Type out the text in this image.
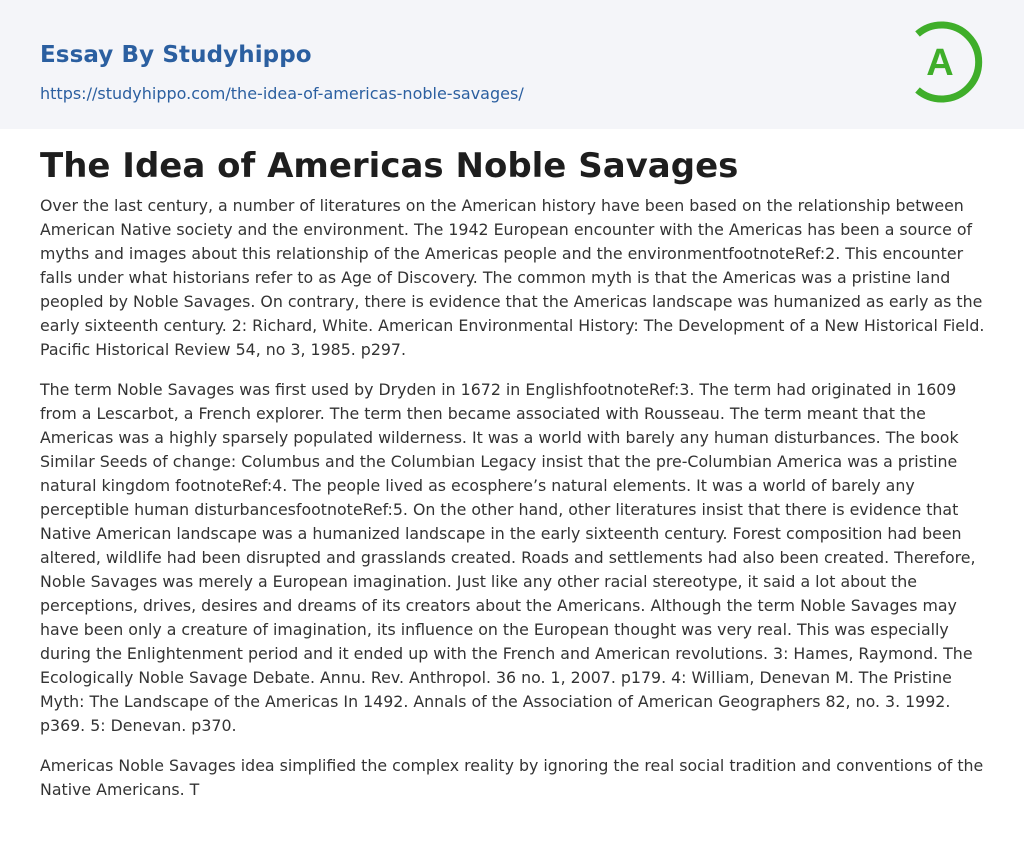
Essay By Studyhippo
https://studyhippo.com/the-idea-of-americas-noble-savages/
A
The Idea of Americas Noble Savages

Over the last century, a number of literatures on the American history have been based on the relationship between American Native society and the environment. The 1942 European encounter with the Americas has been a source of myths and images about this relationship of the Americas people and the environmentfootnoteRef:2. This encounter falls under what historians refer to as Age of Discovery. The common myth is that the Americas was a pristine land peopled by Noble Savages. On contrary, there is evidence that the Americas landscape was humanized as early as the early sixteenth century. 2: Richard, White. American Environmental History: The Development of a New Historical Field. Pacific Historical Review 54, no 3, 1985. p297.

The term Noble Savages was first used by Dryden in 1672 in EnglishfootnoteRef:3. The term had originated in 1609 from a Lescarbot, a French explorer. The term then became associated with Rousseau. The term meant that the Americas was a highly sparsely populated wilderness. It was a world with barely any human disturbances. The book Similar Seeds of change: Columbus and the Columbian Legacy insist that the pre-Columbian America was a pristine natural kingdom footnoteRef:4. The people lived as ecosphere’s natural elements. It was a world of barely any perceptible human disturbancesfootnoteRef:5. On the other hand, other literatures insist that there is evidence that Native American landscape was a humanized landscape in the early sixteenth century. Forest composition had been altered, wildlife had been disrupted and grasslands created. Roads and settlements had also been created. Therefore, Noble Savages was merely a European imagination. Just like any other racial stereotype, it said a lot about the perceptions, drives, desires and dreams of its creators about the Americans. Although the term Noble Savages may have been only a creature of imagination, its influence on the European thought was very real. This was especially during the Enlightenment period and it ended up with the French and American revolutions. 3: Hames, Raymond. The Ecologically Noble Savage Debate. Annu. Rev. Anthropol. 36 no. 1, 2007. p179. 4: William, Denevan M. The Pristine Myth: The Landscape of the Americas In 1492. Annals of the Association of American Geographers 82, no. 3. 1992. p369. 5: Denevan. p370.

Americas Noble Savages idea simplified the complex reality by ignoring the real social tradition and conventions of the Native Americans. T
